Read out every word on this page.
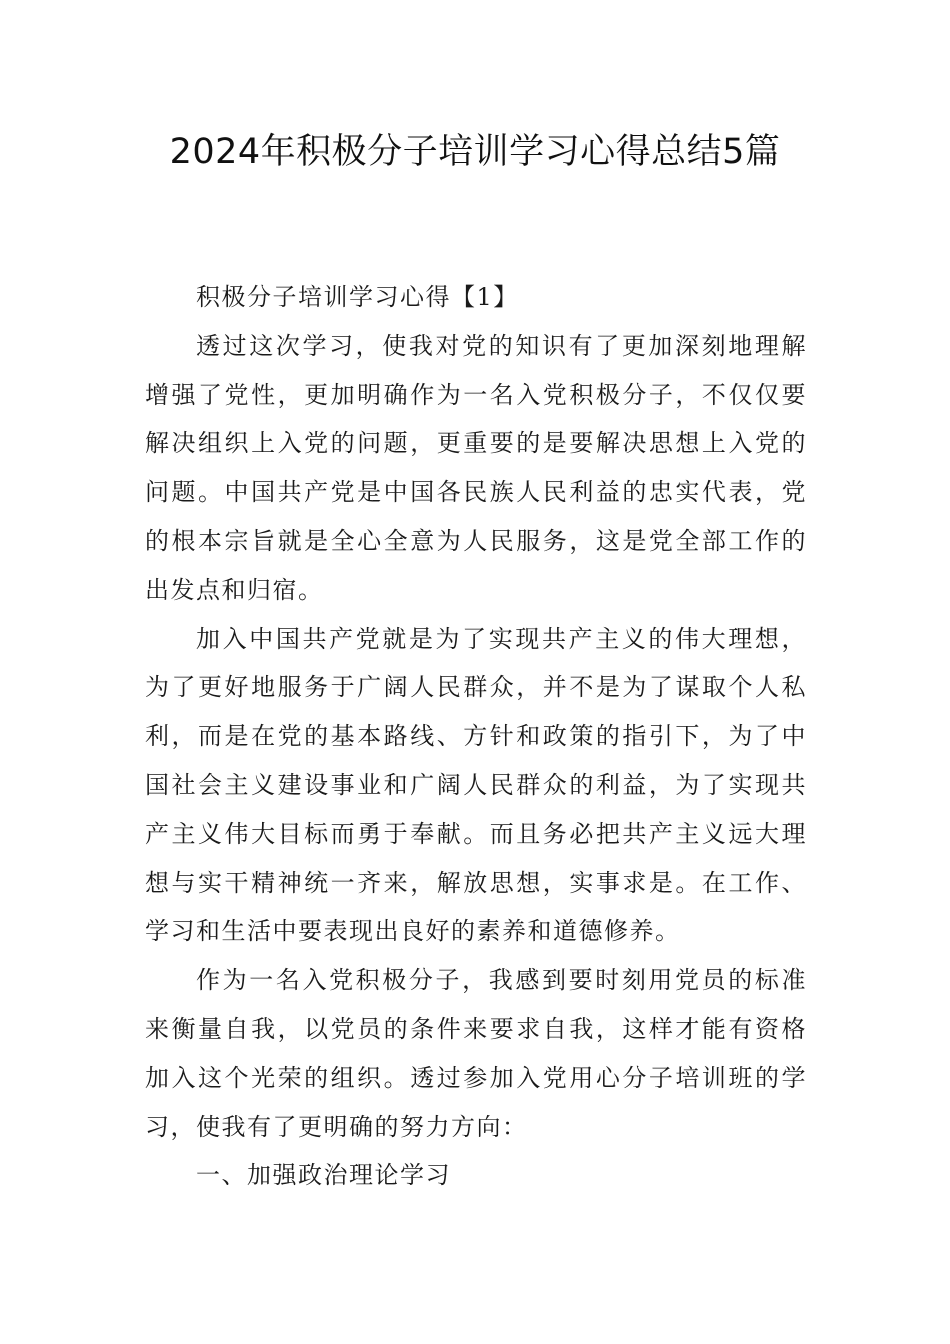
2024年积极分子培训学习心得总结5篇

积极分子培训学习心得【1】

透过这次学习，使我对党的知识有了更加深刻地理解增强了党性，更加明确作为一名入党积极分子，不仅仅要解决组织上入党的问题，更重要的是要解决思想上入党的问题。中国共产党是中国各民族人民利益的忠实代表，党的根本宗旨就是全心全意为人民服务，这是党全部工作的出发点和归宿。

加入中国共产党就是为了实现共产主义的伟大理想，为了更好地服务于广阔人民群众，并不是为了谋取个人私利，而是在党的基本路线、方针和政策的指引下，为了中国社会主义建设事业和广阔人民群众的利益，为了实现共产主义伟大目标而勇于奉献。而且务必把共产主义远大理想与实干精神统一齐来，解放思想，实事求是。在工作、学习和生活中要表现出良好的素养和道德修养。

作为一名入党积极分子，我感到要时刻用党员的标准来衡量自我，以党员的条件来要求自我，这样才能有资格加入这个光荣的组织。透过参加入党用心分子培训班的学习，使我有了更明确的努力方向：

一、加强政治理论学习
